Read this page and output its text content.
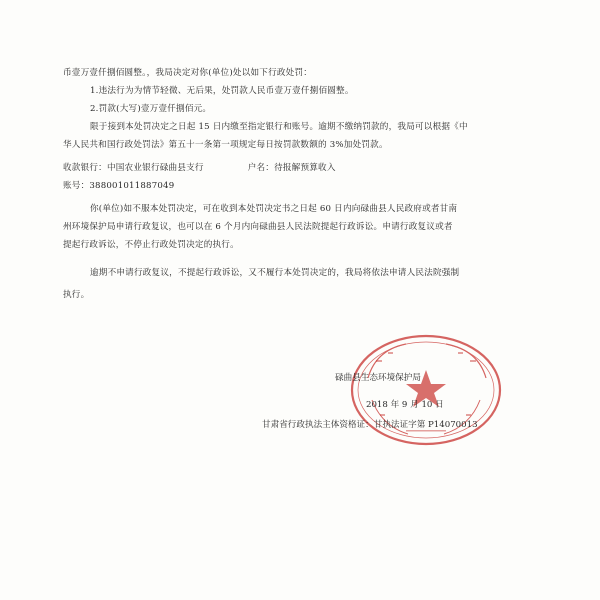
币壹万壹仟捌佰圆整。，我局决定对你(单位)处以如下行政处罚：
1.违法行为为情节轻微、无后果，处罚款人民币壹万壹仟捌佰圆整。
2.罚款(大写)壹万壹仟捌佰元。
限于接到本处罚决定之日起 15 日内缴至指定银行和账号。逾期不缴纳罚款的，我局可以根据《中
华人民共和国行政处罚法》第五十一条第一项规定每日按罚款数额的 3%加处罚款。
收款银行：中国农业银行碌曲县支行	户名：待报解预算收入
账号：38800101188​7049
你(单位)如不服本处罚决定，可在收到本处罚决定书之日起 60 日内向碌曲县人民政府或者甘南
州环境保护局申请行政复议，也可以在 6 个月内向碌曲县人民法院提起行政诉讼。申请行政复议或者
提起行政诉讼，不停止行政处罚决定的执行。
逾期不申请行政复议，不提起行政诉讼，又不履行本处罚决定的，我局将依法申请人民法院强制
执行。
碌曲县生态环境保护局
2018 年 9 月 10 日
甘肃省行政执法主体资格证：甘执法证字第 P14070013
